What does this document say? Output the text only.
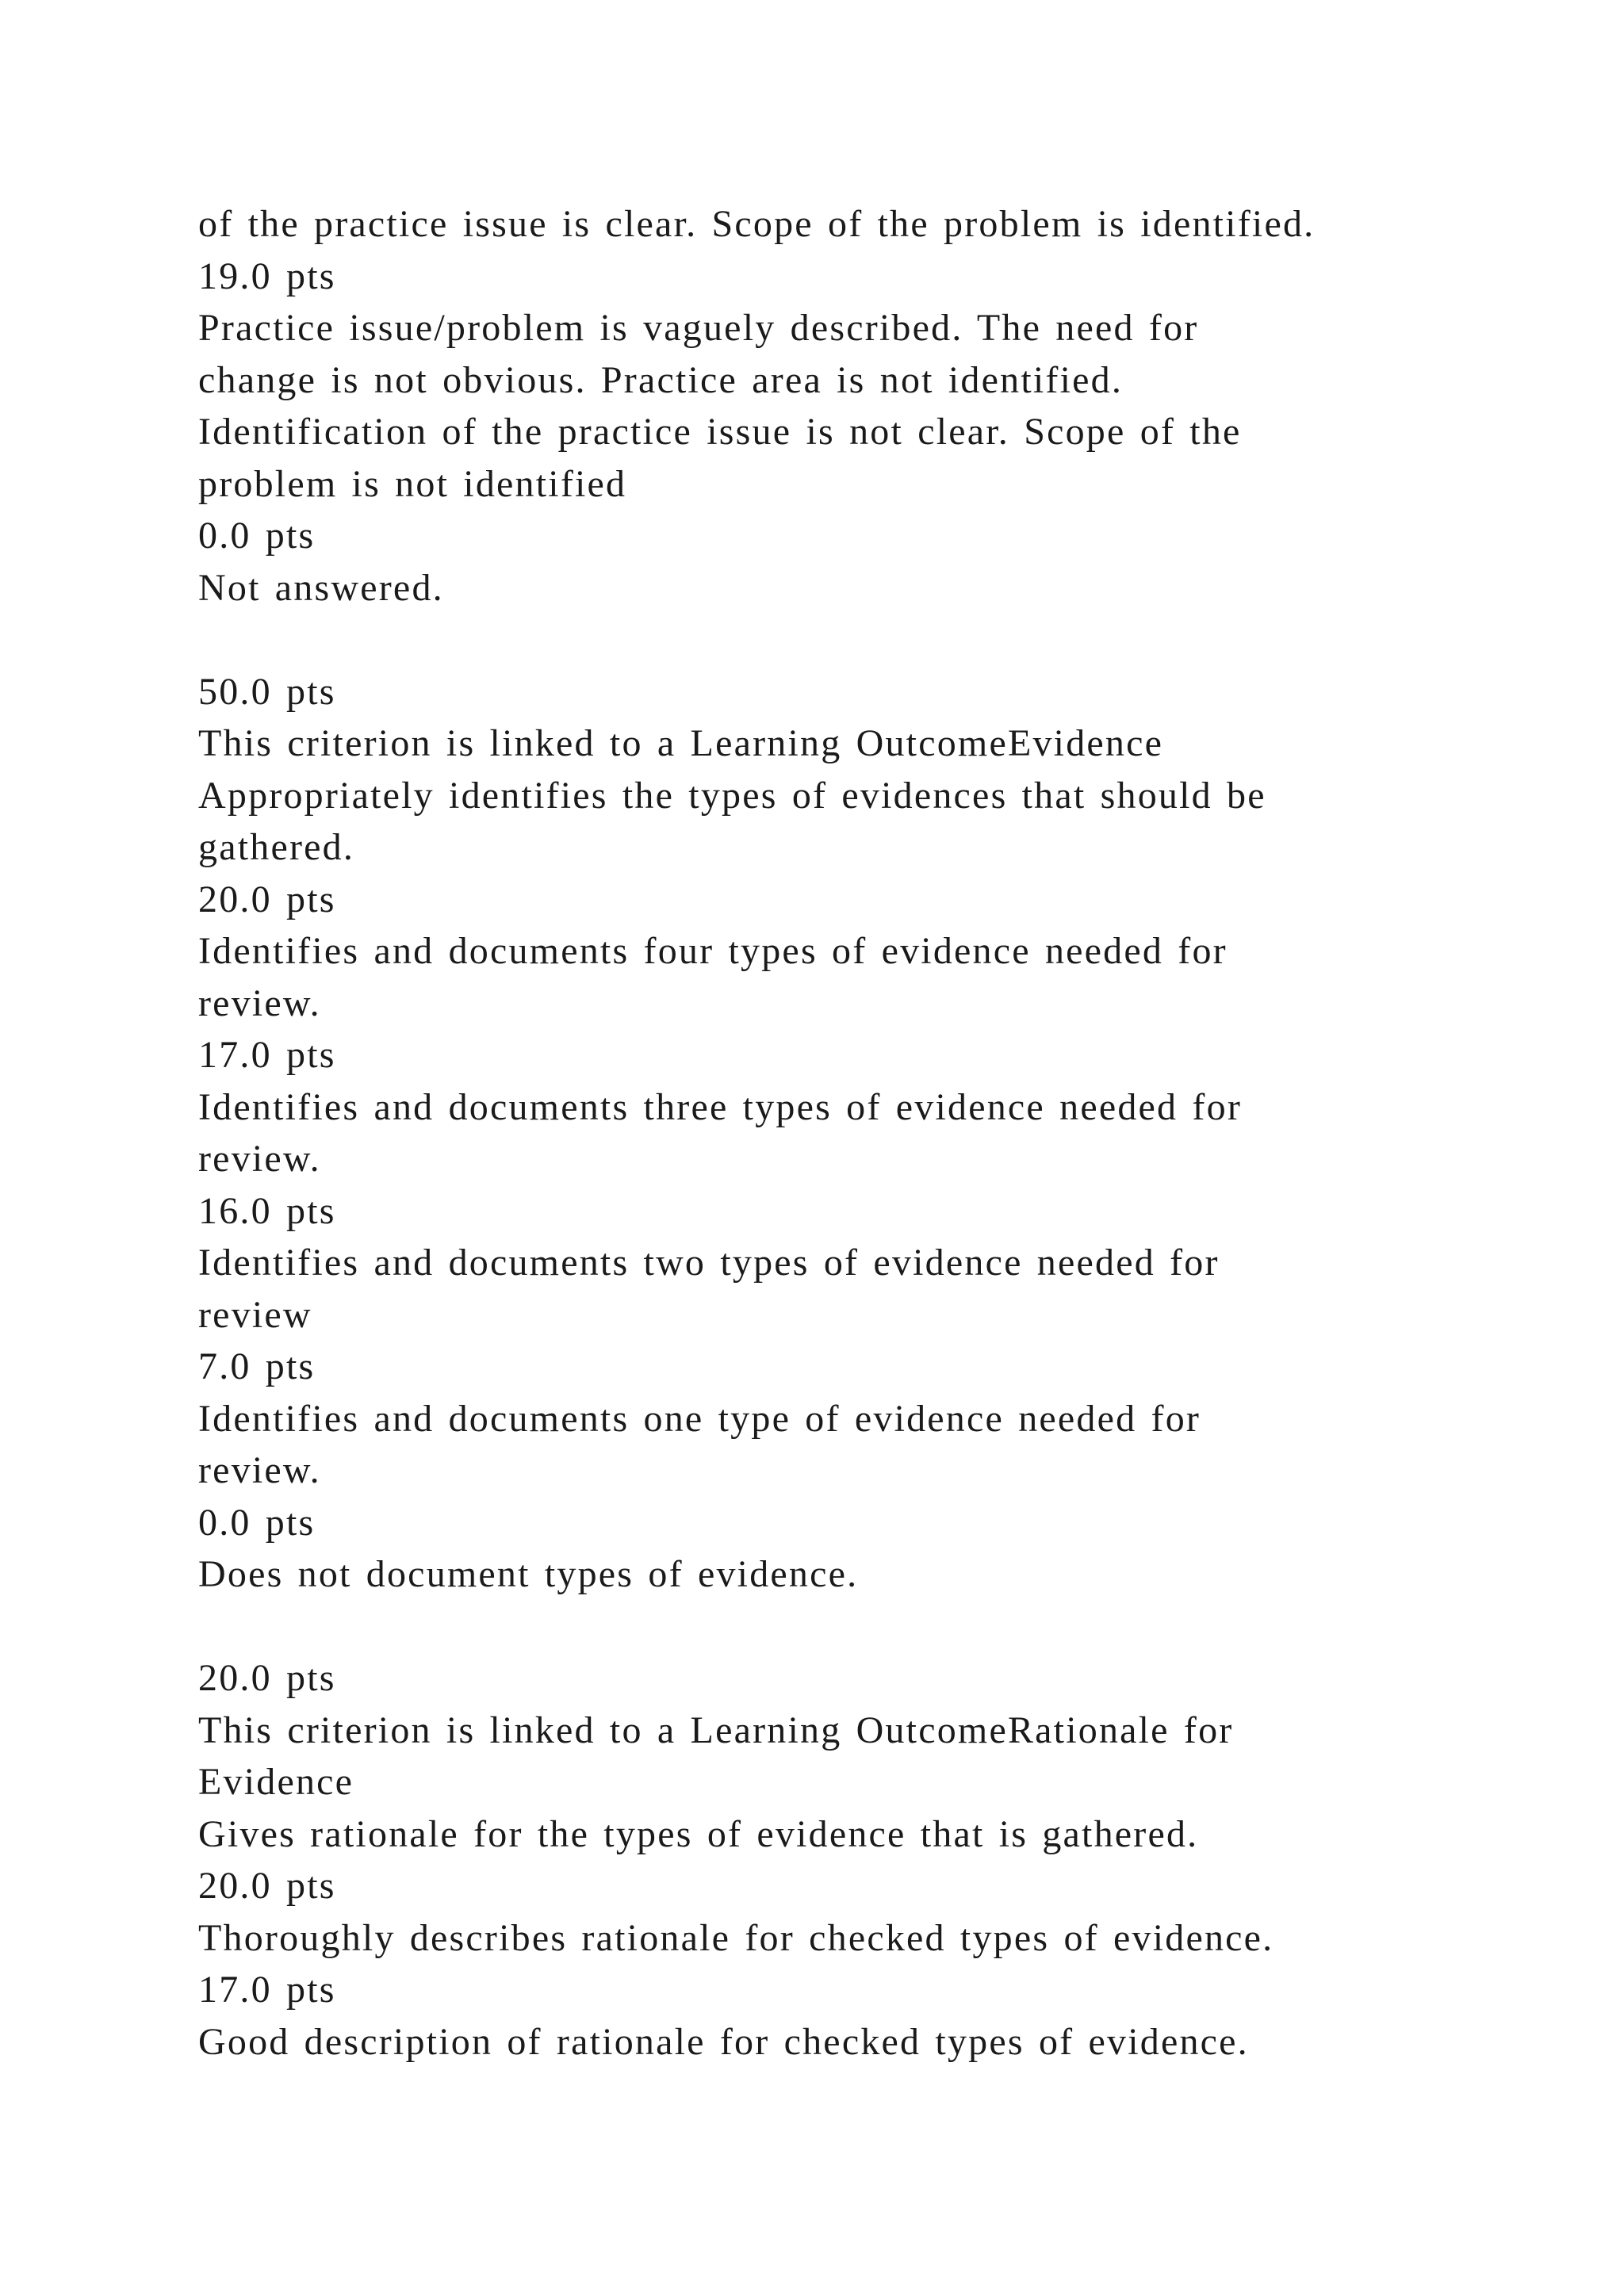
of the practice issue is clear. Scope of the problem is identified.
19.0 pts
Practice issue/problem is vaguely described. The need for
change is not obvious. Practice area is not identified.
Identification of the practice issue is not clear. Scope of the
problem is not identified
0.0 pts
Not answered.
50.0 pts
This criterion is linked to a Learning OutcomeEvidence
Appropriately identifies the types of evidences that should be
gathered.
20.0 pts
Identifies and documents four types of evidence needed for
review.
17.0 pts
Identifies and documents three types of evidence needed for
review.
16.0 pts
Identifies and documents two types of evidence needed for
review
7.0 pts
Identifies and documents one type of evidence needed for
review.
0.0 pts
Does not document types of evidence.
20.0 pts
This criterion is linked to a Learning OutcomeRationale for
Evidence
Gives rationale for the types of evidence that is gathered.
20.0 pts
Thoroughly describes rationale for checked types of evidence.
17.0 pts
Good description of rationale for checked types of evidence.
